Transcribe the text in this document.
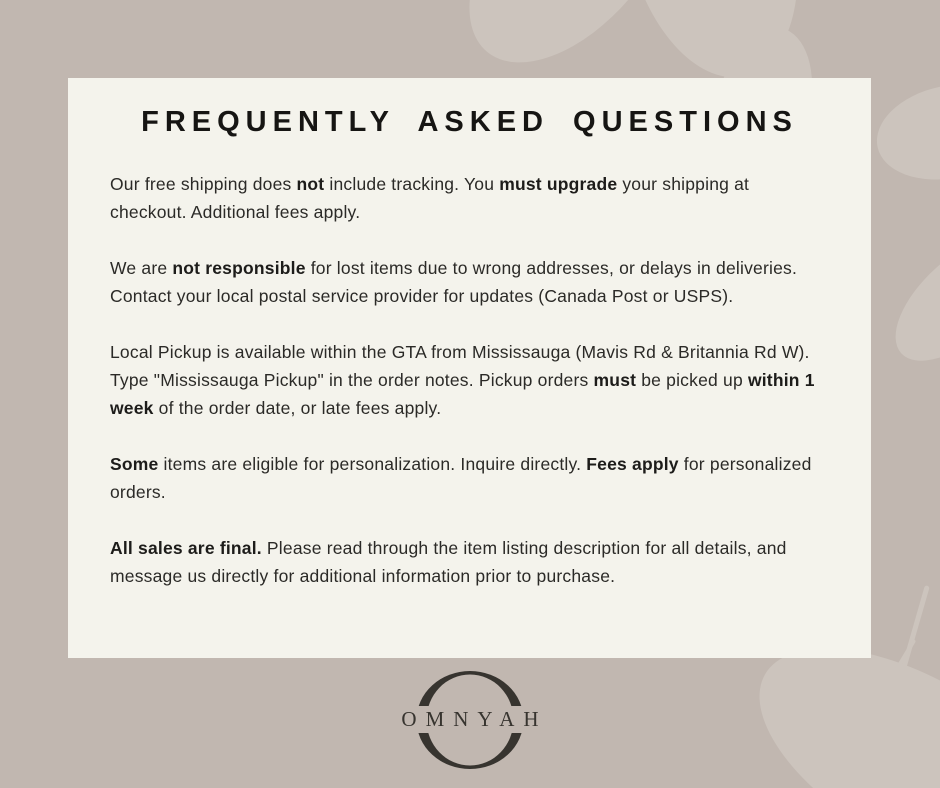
FREQUENTLY ASKED QUESTIONS

Our free shipping does not include tracking. You must upgrade your shipping at checkout. Additional fees apply.

We are not responsible for lost items due to wrong addresses, or delays in deliveries. Contact your local postal service provider for updates (Canada Post or USPS).

Local Pickup is available within the GTA from Mississauga (Mavis Rd & Britannia Rd W). Type "Mississauga Pickup" in the order notes. Pickup orders must be picked up within 1 week of the order date, or late fees apply.

Some items are eligible for personalization. Inquire directly. Fees apply for personalized orders.

All sales are final. Please read through the item listing description for all details, and message us directly for additional information prior to purchase.

OMNYAH
